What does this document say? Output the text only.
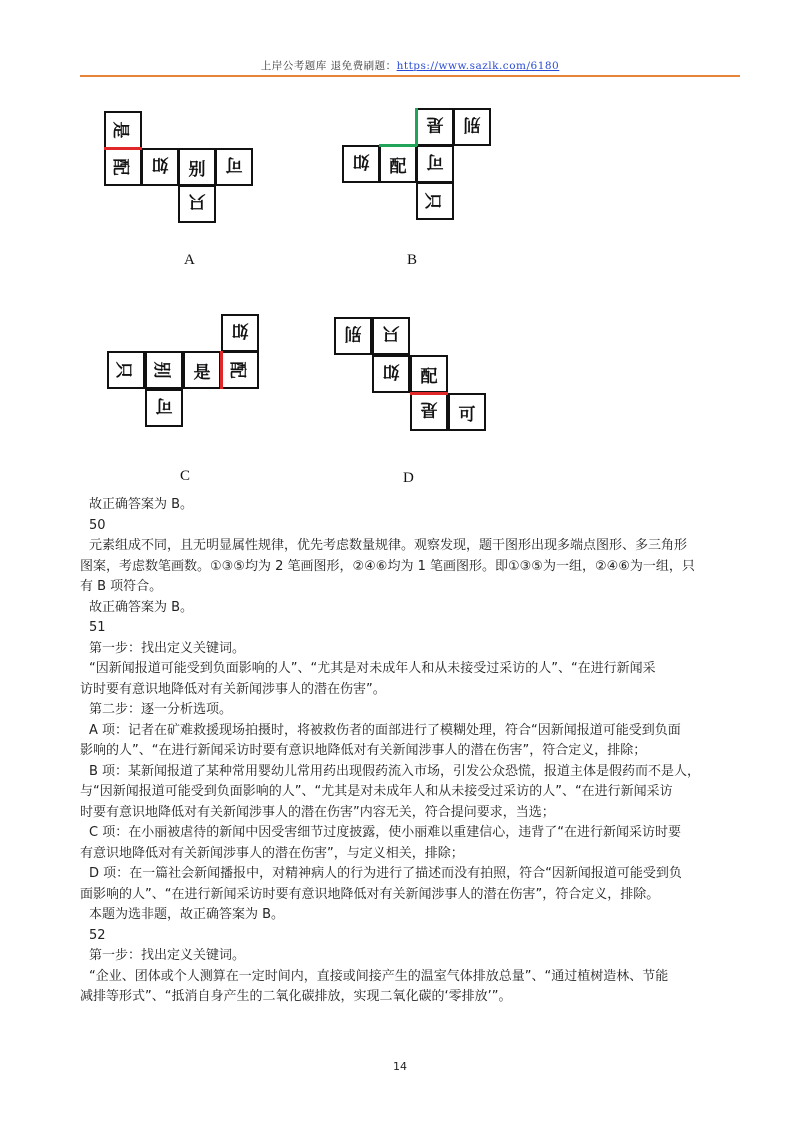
上岸公考题库 退免费刷题：https://www.sazlk.com/6180
是
配	如	别	可
只
A
是	别
如	配	可
只
B
如
只	别	是	配
可
C
别	只
如	配
是	可
D
故正确答案为 B。
50
元素组成不同，且无明显属性规律，优先考虑数量规律。观察发现，题干图形出现多端点图形、多三角形
图案，考虑数笔画数。①③⑤均为 2 笔画图形，②④⑥均为 1 笔画图形。即①③⑤为一组，②④⑥为一组，只
有 B 项符合。
故正确答案为 B。
51
第一步：找出定义关键词。
“因新闻报道可能受到负面影响的人”、“尤其是对未成年人和从未接受过采访的人”、“在进行新闻采
访时要有意识地降低对有关新闻涉事人的潜在伤害”。
第二步：逐一分析选项。
A 项：记者在矿难救援现场拍摄时，将被救伤者的面部进行了模糊处理，符合“因新闻报道可能受到负面
影响的人”、“在进行新闻采访时要有意识地降低对有关新闻涉事人的潜在伤害”，符合定义，排除；
B 项：某新闻报道了某种常用婴幼儿常用药出现假药流入市场，引发公众恐慌，报道主体是假药而不是人，
与“因新闻报道可能受到负面影响的人”、“尤其是对未成年人和从未接受过采访的人”、“在进行新闻采访
时要有意识地降低对有关新闻涉事人的潜在伤害”内容无关，符合提问要求，当选；
C 项：在小丽被虐待的新闻中因受害细节过度披露，使小丽难以重建信心，违背了“在进行新闻采访时要
有意识地降低对有关新闻涉事人的潜在伤害”，与定义相关，排除；
D 项：在一篇社会新闻播报中，对精神病人的行为进行了描述而没有拍照，符合“因新闻报道可能受到负
面影响的人”、“在进行新闻采访时要有意识地降低对有关新闻涉事人的潜在伤害”，符合定义，排除。
本题为选非题，故正确答案为 B。
52
第一步：找出定义关键词。
“企业、团体或个人测算在一定时间内，直接或间接产生的温室气体排放总量”、“通过植树造林、节能
减排等形式”、“抵消自身产生的二氧化碳排放，实现二氧化碳的‘零排放’”。
14
